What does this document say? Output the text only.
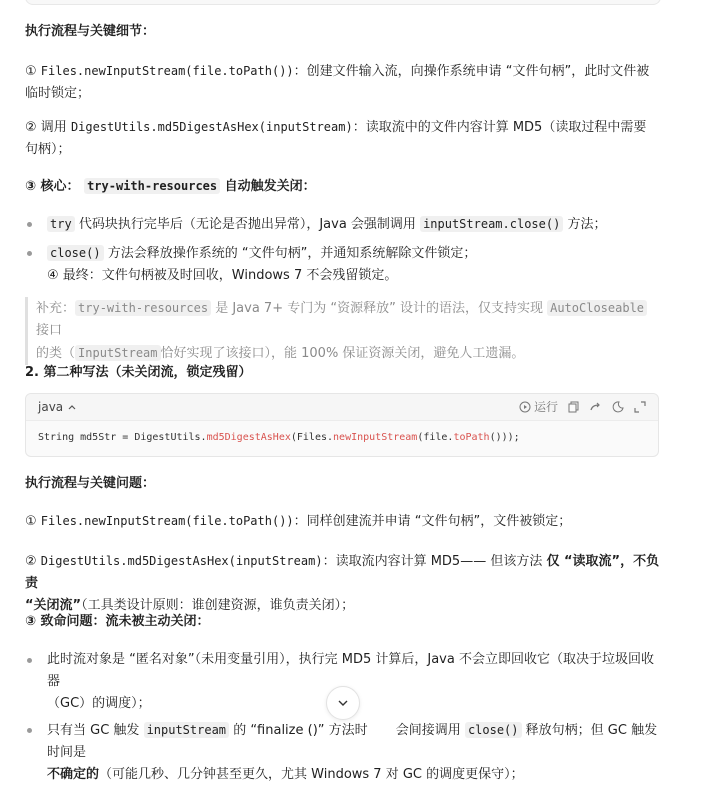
执行流程与关键细节：
① Files.newInputStream(file.toPath())：创建文件输入流，向操作系统申请 “文件句柄”，此时文件被临时锁定；
② 调用 DigestUtils.md5DigestAsHex(inputStream)：读取流中的文件内容计算 MD5（读取过程中需要句柄）；
③ 核心： try-with-resources 自动触发关闭：
try 代码块执行完毕后（无论是否抛出异常），Java 会强制调用 inputStream.close() 方法；
close() 方法会释放操作系统的 “文件句柄”，并通知系统解除文件锁定；
④ 最终：文件句柄被及时回收，Windows 7 不会残留锁定。
补充： try-with-resources 是 Java 7+ 专门为 “资源释放” 设计的语法，仅支持实现 AutoCloseable 接口
的类（ InputStream 恰好实现了该接口），能 100% 保证资源关闭，避免人工遗漏。
2. 第二种写法（未关闭流，锁定残留）
java	运行
String md5Str = DigestUtils.md5DigestAsHex(Files.newInputStream(file.toPath()));
执行流程与关键问题：
① Files.newInputStream(file.toPath())：同样创建流并申请 “文件句柄”，文件被锁定；
② DigestUtils.md5DigestAsHex(inputStream)：读取流内容计算 MD5—— 但该方法 仅 “读取流”，不负责
“关闭流”（工具类设计原则：谁创建资源，谁负责关闭）；
③ 致命问题：流未被主动关闭：
此时流对象是 “匿名对象”（未用变量引用），执行完 MD5 计算后，Java 不会立即回收它（取决于垃圾回收器
（GC）的调度）；
只有当 GC 触发 inputStream 的 “finalize ()” 方法时 会间接调用 close() 释放句柄；但 GC 触发时间是
不确定的（可能几秒、几分钟甚至更久，尤其 Windows 7 对 GC 的调度更保守）；
